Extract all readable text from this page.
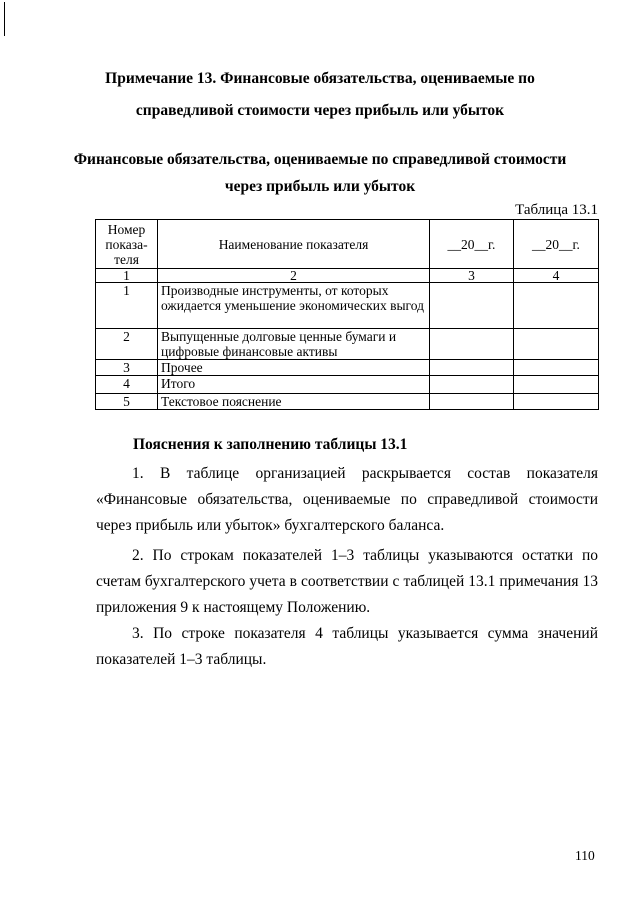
Примечание 13. Финансовые обязательства, оцениваемые по
справедливой стоимости через прибыль или убыток
Финансовые обязательства, оцениваемые по справедливой стоимости
через прибыль или убыток
Таблица 13.1
Номер показа-теля	Наименование показателя	__20__г.	__20__г.
1	2	3	4
1	Производные инструменты, от которых ожидается уменьшение экономических выгод		
2	Выпущенные долговые ценные бумаги и цифровые финансовые активы		
3	Прочее		
4	Итого		
5	Текстовое пояснение		
Пояснения к заполнению таблицы 13.1
1. В таблице организацией раскрывается состав показателя «Финансовые обязательства, оцениваемые по справедливой стоимости через прибыль или убыток» бухгалтерского баланса.
2. По строкам показателей 1–3 таблицы указываются остатки по счетам бухгалтерского учета в соответствии с таблицей 13.1 примечания 13 приложения 9 к настоящему Положению.
3. По строке показателя 4 таблицы указывается сумма значений показателей 1–3 таблицы.
110
